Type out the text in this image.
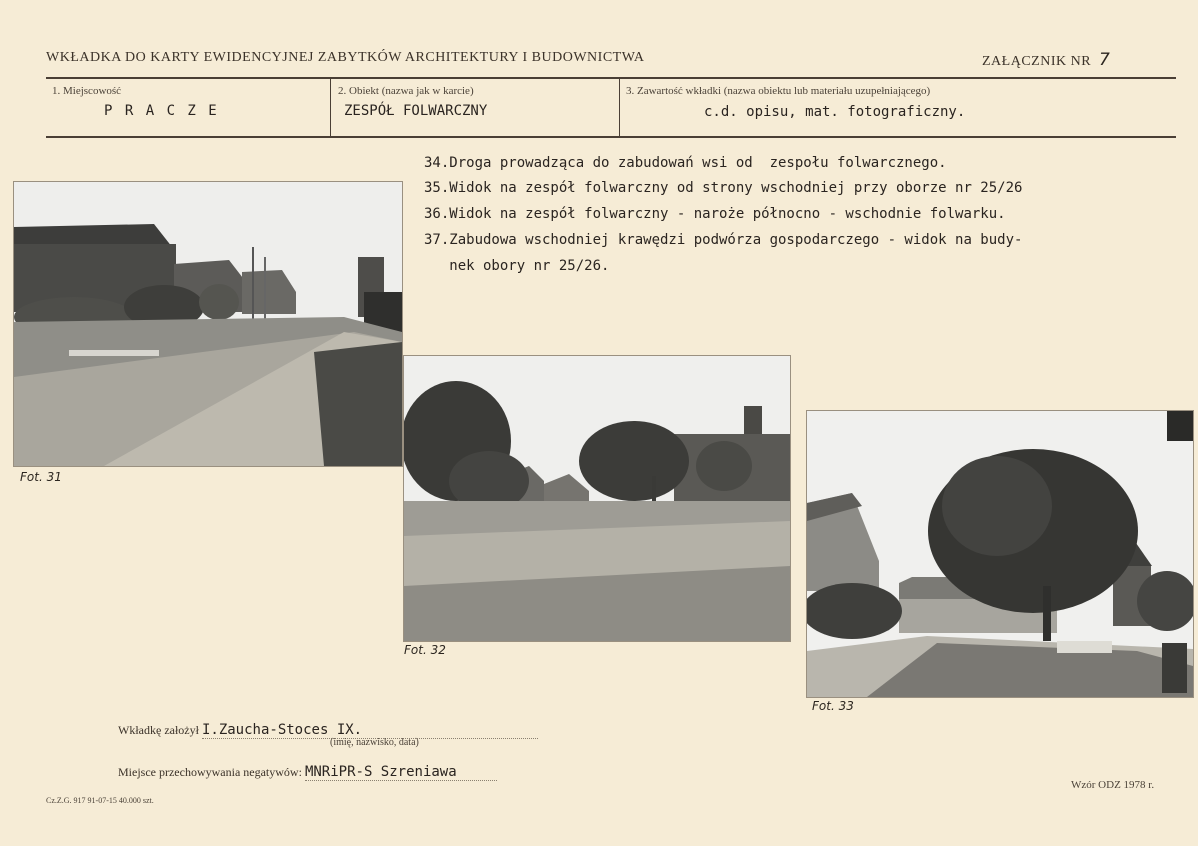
WKŁADKA DO KARTY EWIDENCYJNEJ ZABYTKÓW ARCHITEKTURY I BUDOWNICTWA	ZAŁĄCZNIK NR 7
1. Miejscowość
P R A C Z E
2. Obiekt (nazwa jak w karcie)
ZESPÓŁ FOLWARCZNY
3. Zawartość wkładki (nazwa obiektu lub materiału uzupełniającego)
c.d. opisu, mat. fotograficzny.
34.Droga prowadząca do zabudowań wsi od  zespołu folwarcznego.
35.Widok na zespół folwarczny od strony wschodniej przy oborze nr 25/26
36.Widok na zespół folwarczny - naroże północno - wschodnie folwarku.
37.Zabudowa wschodniej krawędzi podwórza gospodarczego - widok na budy-
nek obory nr 25/26.
Fot. 31
Fot. 32
Fot. 33
Wkładkę założył I.Zaucha-Stoces IX.
(imię, nazwisko, data)
Miejsce przechowywania negatywów: MNRiPR-S Szreniawa
Cz.Z.G. 917 91-07-15 40.000 szt.
Wzór ODZ 1978 r.
